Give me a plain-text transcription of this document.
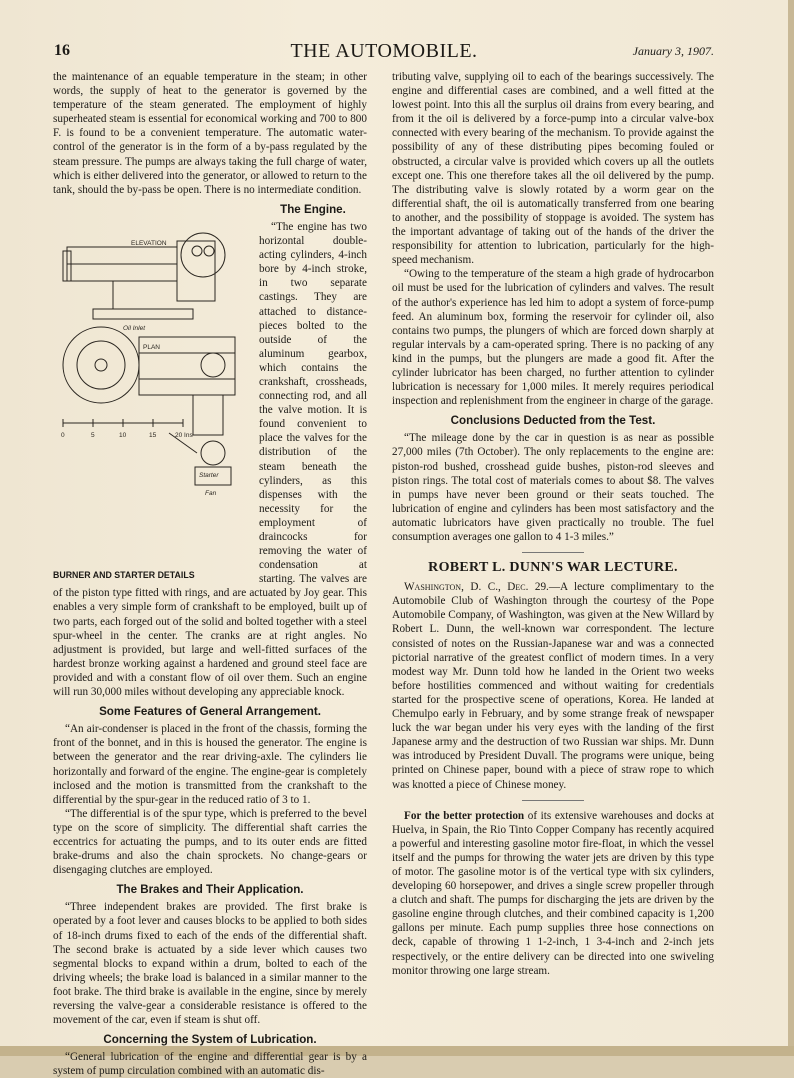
16	THE AUTOMOBILE.	January 3, 1907.

the maintenance of an equable temperature in the steam; in other words, the supply of heat to the generator is governed by the temperature of the steam generated. The employment of highly superheated steam is essential for economical working and 700 to 800 F. is found to be a convenient temperature. The automatic water-control of the generator is in the form of a by-pass regulated by the steam pressure. The pumps are always taking the full charge of water, which is either delivered into the generator, or allowed to return to the tank, should the by-pass be open. There is no intermediate condition.

ELEVATION
Oil Inlet
PLAN
0	5	10	15	20 Ins
Starter
Fan
BURNER AND STARTER DETAILS
The Engine.

“The engine has two horizontal double-acting cylinders, 4-inch bore by 4-inch stroke, in two separate castings. They are attached to distance-pieces bolted to the outside of the aluminum gearbox, which contains the crankshaft, crossheads, connecting rod, and all the valve motion. It is found convenient to place the valves for the distribution of the steam beneath the cylinders, as this dispenses with the necessity for the employment of draincocks for removing the water of condensation at starting. The valves are of the piston type fitted with rings, and are actuated by Joy gear. This enables a very simple form of crankshaft to be employed, built up of two parts, each forged out of the solid and bolted together with a steel spur-wheel in the center. The cranks are at right angles. No adjustment is provided, but large and well-fitted surfaces of the hardest bronze working against a hardened and ground steel face are provided and with a constant flow of oil over them. Such an engine will run 30,000 miles without developing any appreciable knock.

Some Features of General Arrangement.

“An air-condenser is placed in the front of the chassis, forming the front of the bonnet, and in this is housed the generator. The engine is between the generator and the rear driving-axle. The cylinders lie horizontally and forward of the engine. The engine-gear is completely inclosed and the motion is transmitted from the crankshaft to the differential by the spur-gear in the reduced ratio of 3 to 1.

“The differential is of the spur type, which is preferred to the bevel type on the score of simplicity. The differential shaft carries the eccentrics for actuating the pumps, and to its outer ends are fitted brake-drums and also the chain sprockets. No change-gears or disengaging clutches are employed.

The Brakes and Their Application.

“Three independent brakes are provided. The first brake is operated by a foot lever and causes blocks to be applied to both sides of 18-inch drums fixed to each of the ends of the differential shaft. The second brake is actuated by a side lever which causes two segmental blocks to expand within a drum, bolted to each of the driving wheels; the brake load is balanced in a similar manner to the foot brake. The third brake is available in the engine, since by merely reversing the valve-gear a considerable resistance is offered to the movement of the car, even if steam is shut off.

Concerning the System of Lubrication.

“General lubrication of the engine and differential gear is by a system of pump circulation combined with an automatic dis-

tributing valve, supplying oil to each of the bearings successively. The engine and differential cases are combined, and a well fitted at the lowest point. Into this all the surplus oil drains from every bearing, and from it the oil is delivered by a force-pump into a circular valve-box connected with every bearing of the mechanism. To provide against the possibility of any of these distributing pipes becoming fouled or obstructed, a circular valve is provided which covers up all the outlets except one. This one therefore takes all the oil delivered by the pump. The distributing valve is slowly rotated by a worm gear on the differential shaft, the oil is automatically transferred from one bearing to another, and the possibility of stoppage is avoided. The system has the important advantage of taking out of the hands of the driver the responsibility for attention to lubrication, particularly for the high-speed mechanism.

“Owing to the temperature of the steam a high grade of hydrocarbon oil must be used for the lubrication of cylinders and valves. The result of the author's experience has led him to adopt a system of force-pump feed. An aluminum box, forming the reservoir for cylinder oil, also contains two pumps, the plungers of which are forced down sharply at regular intervals by a cam-operated spring. There is no packing of any kind in the pumps, but the plungers are made a good fit. After the cylinder lubricator has been charged, no further attention to cylinder lubrication is necessary for 1,000 miles. It merely requires periodical inspection and replenishment from the engineer in charge of the garage.

Conclusions Deducted from the Test.

“The mileage done by the car in question is as near as possible 27,000 miles (7th October). The only replacements to the engine are: piston-rod bushed, crosshead guide bushes, piston-rod sleeves and piston rings. The total cost of materials comes to about $8. The valves in pumps have never been ground or their seats touched. The lubrication of engine and cylinders has been most satisfactory and the automatic lubricators have given practically no trouble. The fuel consumption averages one gallon to 4 1-3 miles.”

ROBERT L. DUNN'S WAR LECTURE.

Washington, D. C., Dec. 29.—A lecture complimentary to the Automobile Club of Washington through the courtesy of the Pope Automobile Company, of Washington, was given at the New Willard by Robert L. Dunn, the well-known war correspondent. The lecture consisted of notes on the Russian-Japanese war and was a connected pictorial narrative of the greatest conflict of modern times. In a very modest way Mr. Dunn told how he landed in the Orient two weeks before hostilities commenced and without waiting for credentials started for the prospective scene of operations, Korea. He landed at Chemulpo early in February, and by some strange freak of newspaper luck the war began under his very eyes with the landing of the first Japanese army and the destruction of two Russian war ships. Mr. Dunn was introduced by President Duvall. The programs were unique, being printed on Chinese paper, bound with a piece of straw rope to which was knotted a piece of Chinese money.

For the better protection of its extensive warehouses and docks at Huelva, in Spain, the Rio Tinto Copper Company has recently acquired a powerful and interesting gasoline motor fire-float, in which the vessel itself and the pumps for throwing the water jets are driven by this type of motor. The gasoline motor is of the vertical type with six cylinders, developing 60 horsepower, and drives a single screw propeller through a clutch and shaft. The pumps for discharging the jets are driven by the gasoline engine through clutches, and their combined capacity is 1,200 gallons per minute. Each pump supplies three hose connections on deck, capable of throwing 1 1-2-inch, 1 3-4-inch and 2-inch jets respectively, or the entire delivery can be directed into one swiveling monitor throwing one large stream.
